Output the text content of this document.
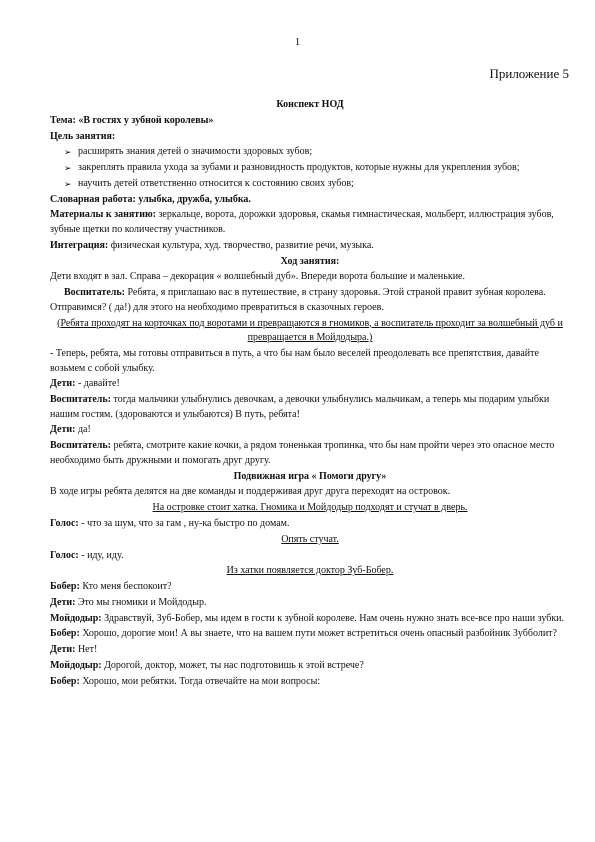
1
Приложение 5

Конспект НОД

Тема: «В гостях у зубной королевы»

Цель занятия:

➢ расширять знания детей о значимости здоровых зубов;
➢ закреплять правила ухода за зубами и разновидность продуктов, которые нужны для укрепления зубов;
➢ научить детей ответственно относится к состоянию своих зубов;

Словарная работа: улыбка, дружба, улыбка.

Материалы к занятию: зеркальце, ворота, дорожки здоровья, скамья гимнастическая, мольберт, иллюстрация зубов, зубные щетки по количеству участников.

Интеграция: физическая культура, худ. творчество, развитие речи, музыка.

Ход занятия:

Дети входят в зал. Справа – декорация « волшебный дуб». Впереди ворота большие и маленькие.

Воспитатель: Ребята, я приглашаю вас в путешествие, в страну здоровья. Этой страной правит зубная королева. Отправимся? ( да!) для этого на необходимо превратиться в сказочных героев.

(Ребята проходят на корточках под воротами и превращаются в гномиков, а воспитатель проходит за волшебный дуб и превращается в Мойдодыра.)

- Теперь, ребята, мы готовы отправиться в путь, а что бы нам было веселей преодолевать все препятствия, давайте возьмем с собой улыбку.

Дети: - давайте!

Воспитатель: тогда мальчики улыбнулись девочкам, а девочки улыбнулись мальчикам, а теперь мы подарим улыбки нашим гостям. (здороваются и улыбаются) В путь, ребята!

Дети: да!

Воспитатель: ребята, смотрите какие кочки, а рядом тоненькая тропинка, что бы нам пройти через это опасное место необходимо быть дружными и помогать друг другу.

Подвижная игра « Помоги другу»

В ходе игры ребята делятся на две команды и поддерживая друг друга переходят на островок.

На островке стоит хатка. Гномика и Мойдодыр подходят и стучат в дверь.

Голос: - что за шум, что за гам , ну-ка быстро по домам.

Опять стучат.

Голос: - иду, иду.

Из хатки появляется доктор Зуб-Бобер.

Бобер: Кто меня беспокоит?

Дети: Это мы гномики и Мойдодыр.

Мойдодыр: Здравствуй, Зуб-Бобер, мы идем в гости к зубной королеве. Нам очень нужно знать все-все про наши зубки.

Бобер: Хорошо, дорогие мои! А вы знаете, что на вашем пути может встретиться очень опасный разбойник Зубболит?

Дети: Нет!

Мойдодыр: Дорогой, доктор, может, ты нас подготовишь к этой встрече?

Бобер: Хорошо, мои ребятки. Тогда отвечайте на мои вопросы:
